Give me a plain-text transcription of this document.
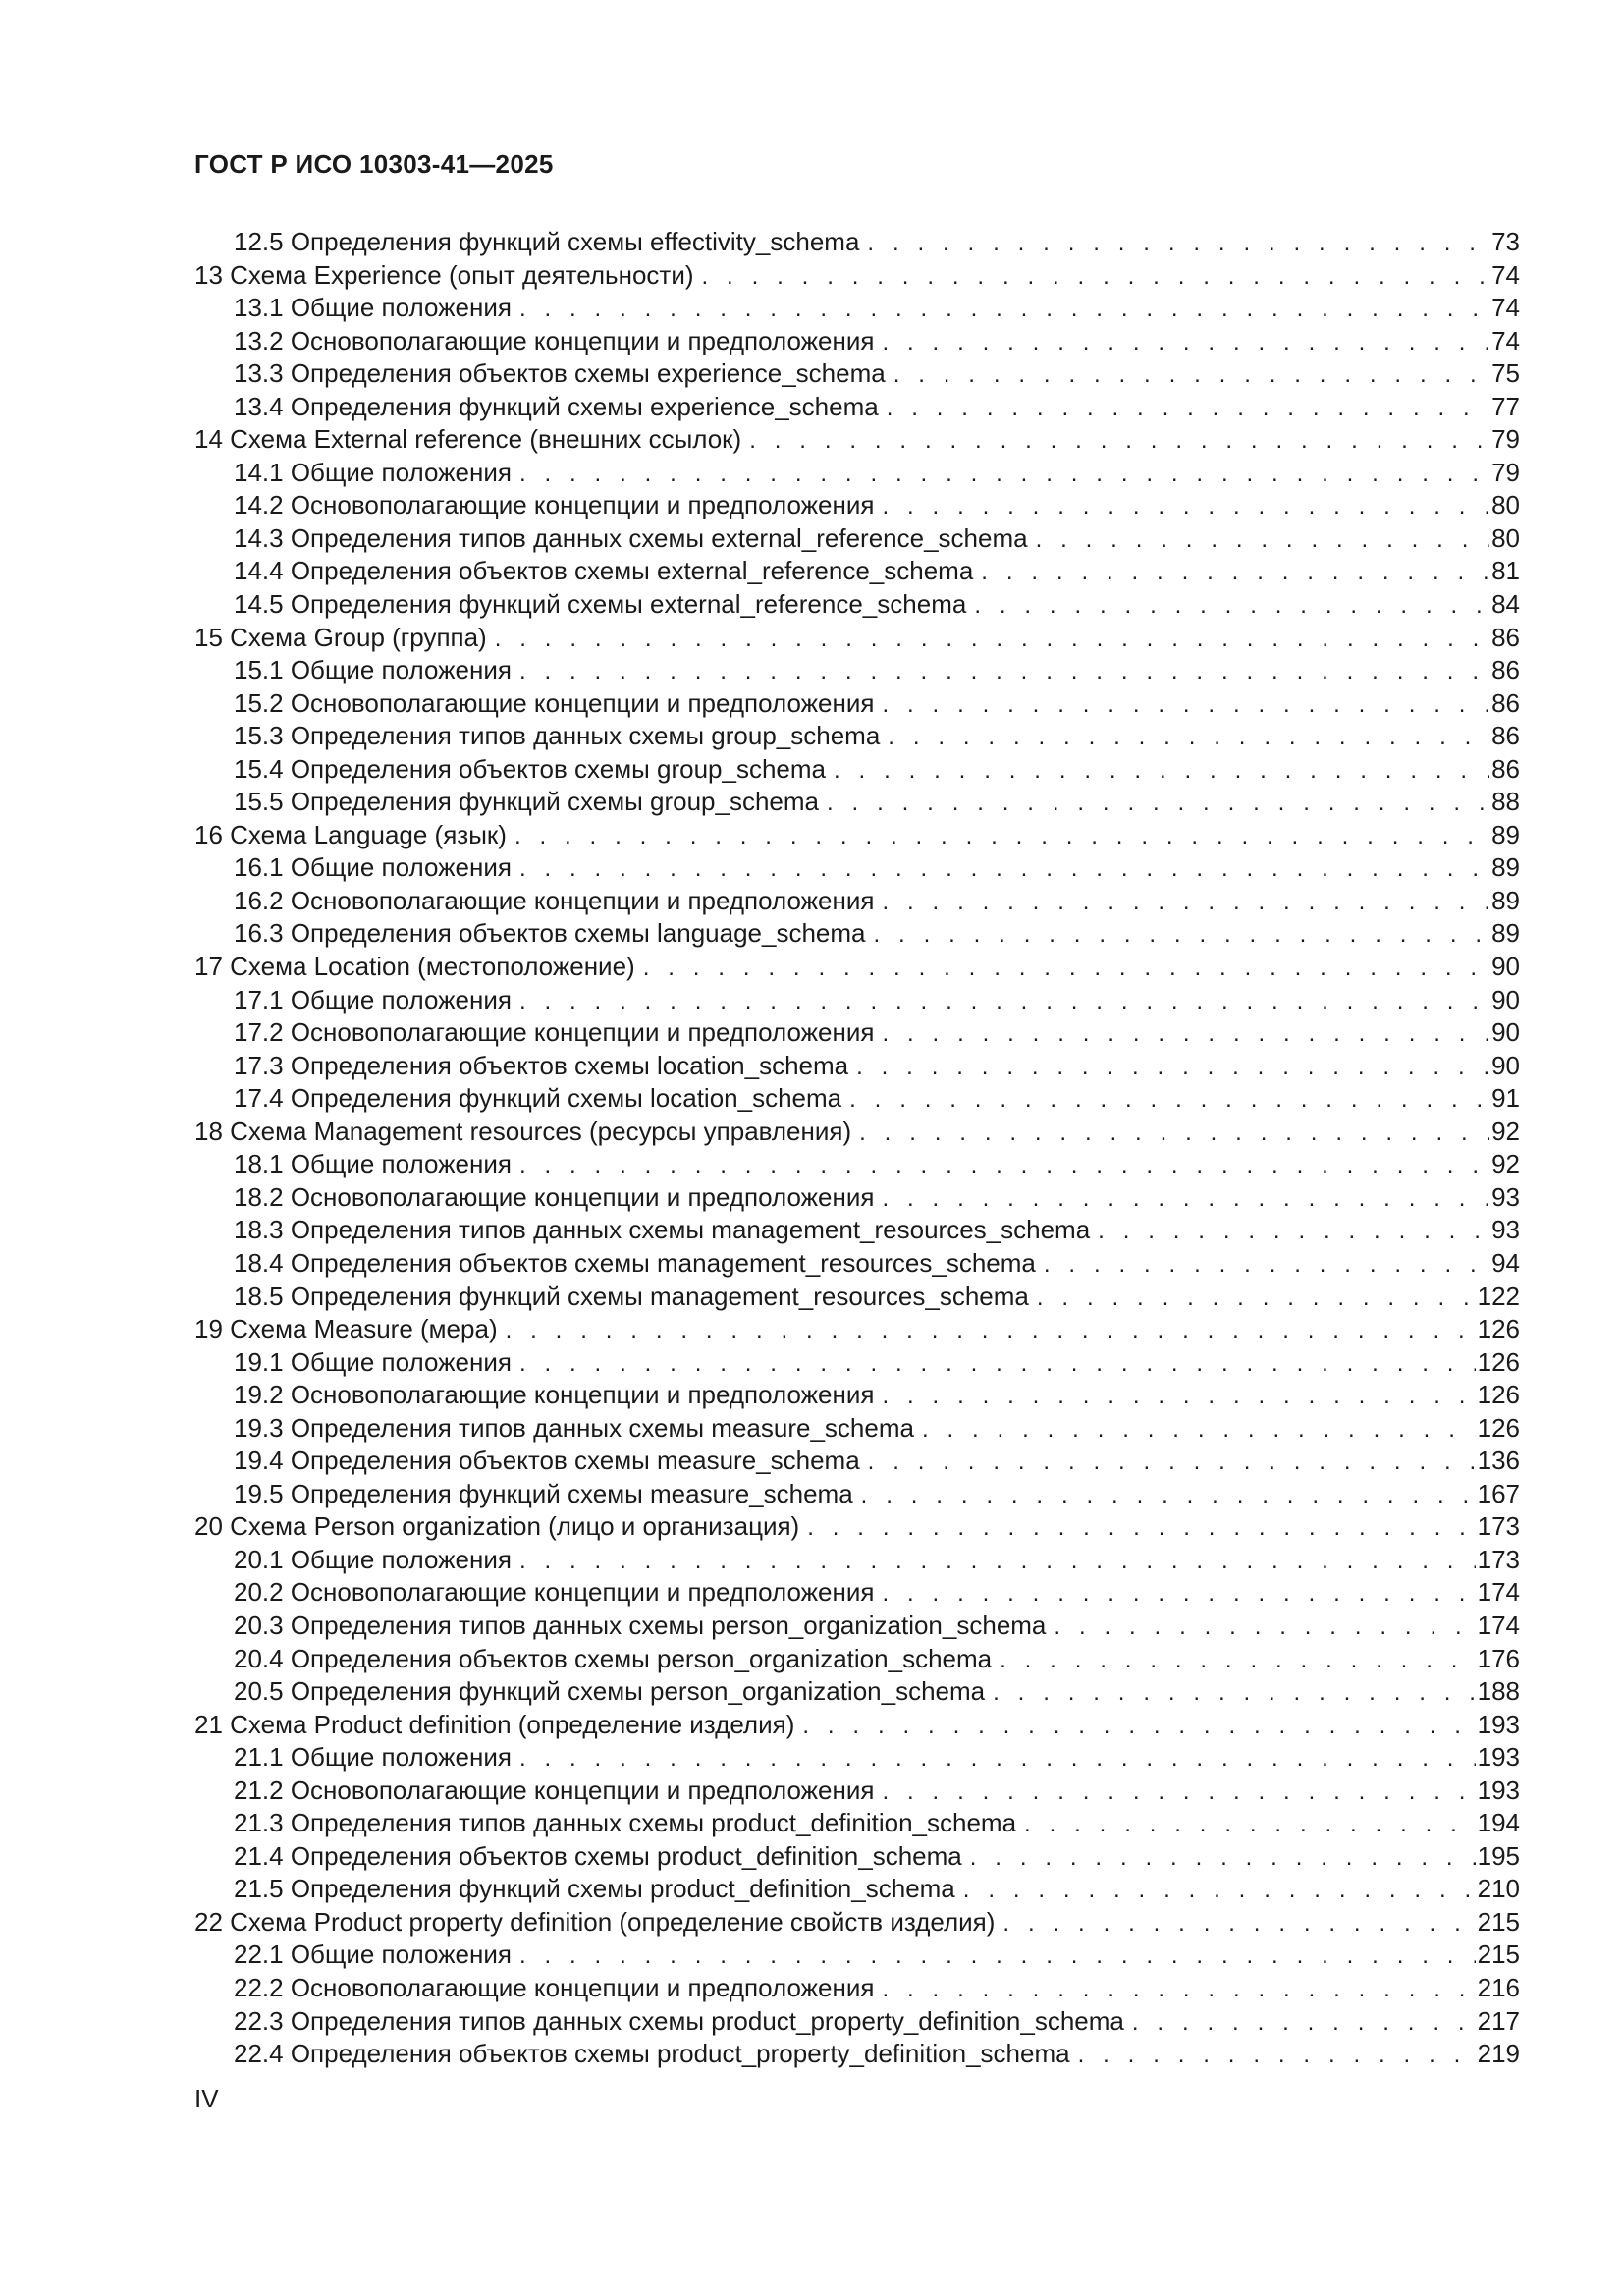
ГОСТ Р ИСО 10303-41—2025
12.5 Определения функций схемы effectivity_schema . . .	73
13 Схема Experience (опыт деятельности) . . .	74
13.1 Общие положения . . .	74
13.2 Основополагающие концепции и предположения . . .	74
13.3 Определения объектов схемы experience_schema . . .	75
13.4 Определения функций схемы experience_schema . . .	77
14 Схема External reference (внешних ссылок) . . .	79
14.1 Общие положения . . .	79
14.2 Основополагающие концепции и предположения . . .	80
14.3 Определения типов данных схемы external_reference_schema . . .	80
14.4 Определения объектов схемы external_reference_schema . . .	81
14.5 Определения функций схемы external_reference_schema . . .	84
15 Схема Group (группа) . . .	86
15.1 Общие положения . . .	86
15.2 Основополагающие концепции и предположения . . .	86
15.3 Определения типов данных схемы group_schema . . .	86
15.4 Определения объектов схемы group_schema . . .	86
15.5 Определения функций схемы group_schema . . .	88
16 Схема Language (язык) . . .	89
16.1 Общие положения . . .	89
16.2 Основополагающие концепции и предположения . . .	89
16.3 Определения объектов схемы language_schema . . .	89
17 Схема Location (местоположение) . . .	90
17.1 Общие положения . . .	90
17.2 Основополагающие концепции и предположения . . .	90
17.3 Определения объектов схемы location_schema . . .	90
17.4 Определения функций схемы location_schema . . .	91
18 Схема Management resources (ресурсы управления) . . .	92
18.1 Общие положения . . .	92
18.2 Основополагающие концепции и предположения . . .	93
18.3 Определения типов данных схемы management_resources_schema . . .	93
18.4 Определения объектов схемы management_resources_schema . . .	94
18.5 Определения функций схемы management_resources_schema . . .	122
19 Схема Measure (мера) . . .	126
19.1 Общие положения . . .	126
19.2 Основополагающие концепции и предположения . . .	126
19.3 Определения типов данных схемы measure_schema . . .	126
19.4 Определения объектов схемы measure_schema . . .	136
19.5 Определения функций схемы measure_schema . . .	167
20 Схема Person organization (лицо и организация) . . .	173
20.1 Общие положения . . .	173
20.2 Основополагающие концепции и предположения . . .	174
20.3 Определения типов данных схемы person_organization_schema . . .	174
20.4 Определения объектов схемы person_organization_schema . . .	176
20.5 Определения функций схемы person_organization_schema . . .	188
21 Схема Product definition (определение изделия) . . .	193
21.1 Общие положения . . .	193
21.2 Основополагающие концепции и предположения . . .	193
21.3 Определения типов данных схемы product_definition_schema . . .	194
21.4 Определения объектов схемы product_definition_schema . . .	195
21.5 Определения функций схемы product_definition_schema . . .	210
22 Схема Product property definition (определение свойств изделия) . . .	215
22.1 Общие положения . . .	215
22.2 Основополагающие концепции и предположения . . .	216
22.3 Определения типов данных схемы product_property_definition_schema . . .	217
22.4 Определения объектов схемы product_property_definition_schema . . .	219
IV
